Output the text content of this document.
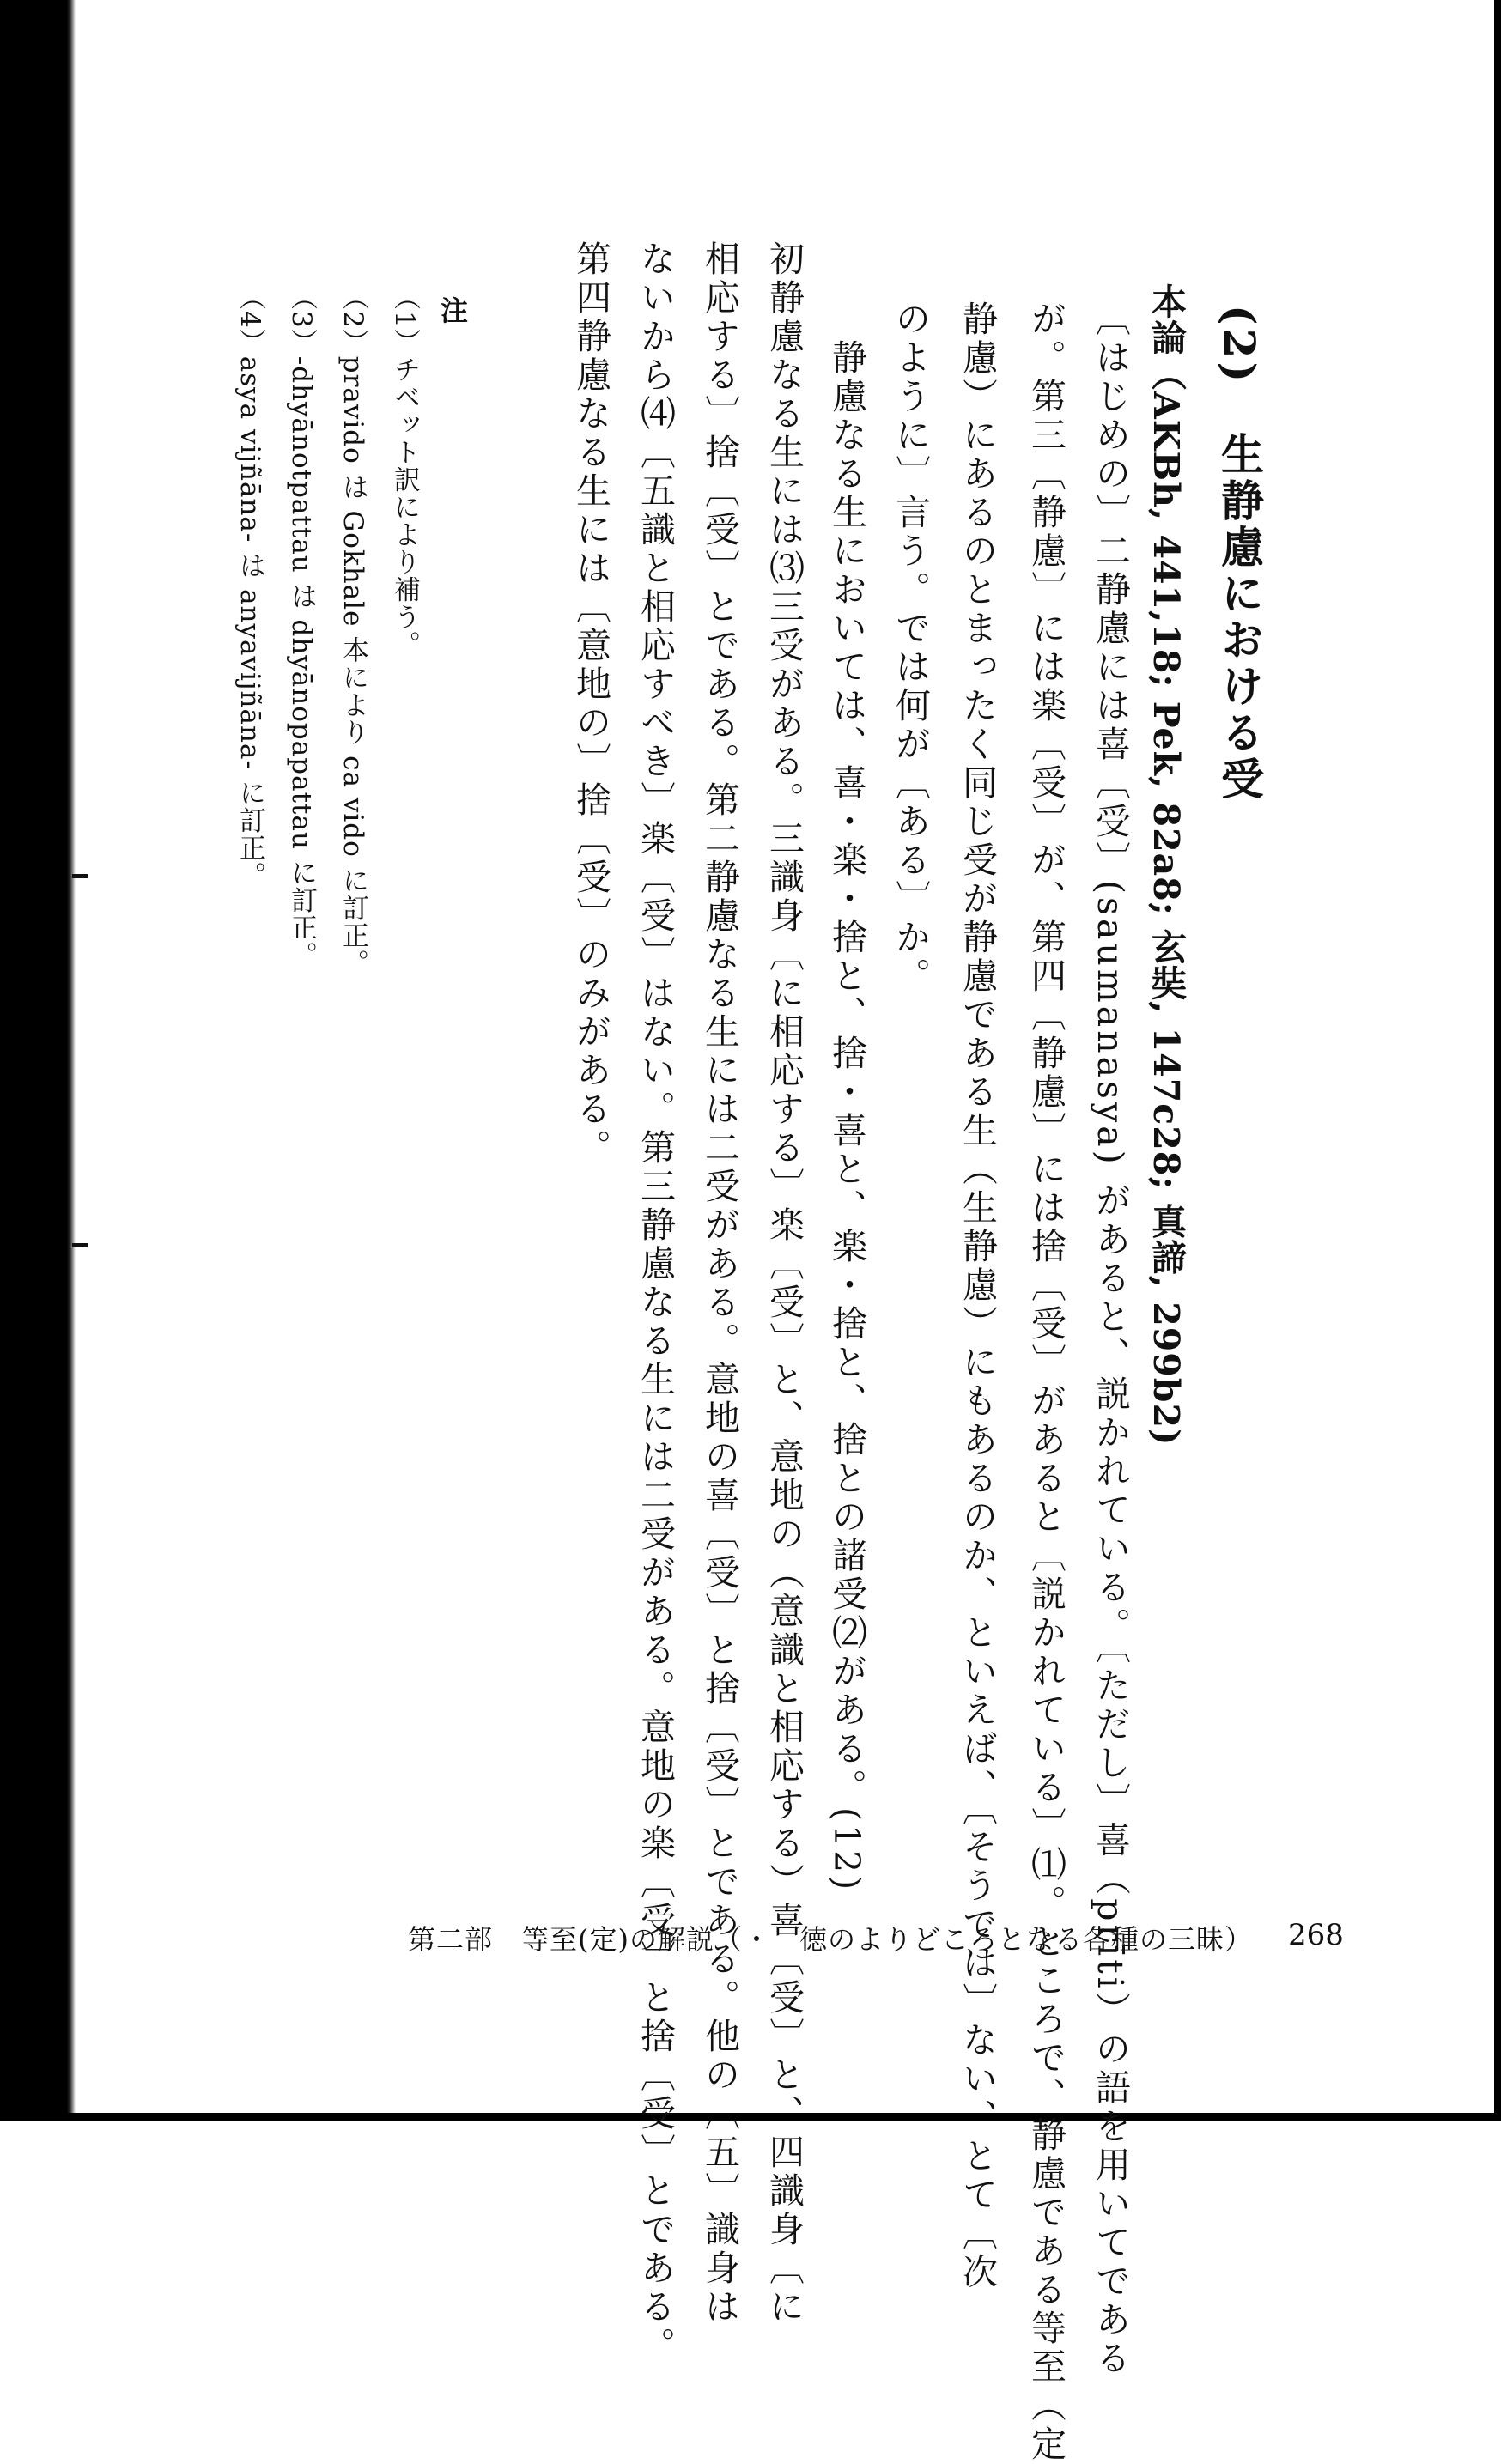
(2)　生静慮における受
本論（AKBh, 441,18; Pek, 82a8; 玄奘, 147c28; 真諦, 299b2)

〔はじめの〕二静慮には喜〔受〕(saumanasya) があると、説かれている。〔ただし〕喜（prīti）の語を用いてである

が。第三〔静慮〕には楽〔受〕が、第四〔静慮〕には捨〔受〕があると〔説かれている〕⑴。ところで、静慮である等至（定

静慮）にあるのとまったく同じ受が静慮である生（生静慮）にもあるのか、といえば、〔そうでは〕ない、とて〔次

のように〕言う。では何が〔ある〕か。

　静慮なる生においては、喜・楽・捨と、捨・喜と、楽・捨と、捨との諸受⑵がある。(12)

初静慮なる生には⑶三受がある。三識身〔に相応する〕楽〔受〕と、意地の（意識と相応する）喜〔受〕と、四識身〔に

相応する〕捨〔受〕とである。第二静慮なる生には二受がある。意地の喜〔受〕と捨〔受〕とである。他の〔五〕識身は

ないから⑷〔五識と相応すべき〕楽〔受〕はない。第三静慮なる生には二受がある。意地の楽〔受〕と捨〔受〕とである。

第四静慮なる生には〔意地の〕捨〔受〕のみがある。

注
（1）チベット訳により補う。
（2）pravido は Gokhale 本により ca vido に訂正。
（3）-dhyānotpattau は dhyānopapattau に訂正。
（4）asya vijñāna- は anyavijñāna- に訂正。
第二部　等至(定)の解説（・　徳のよりどころとなる各種の三昧） 268
